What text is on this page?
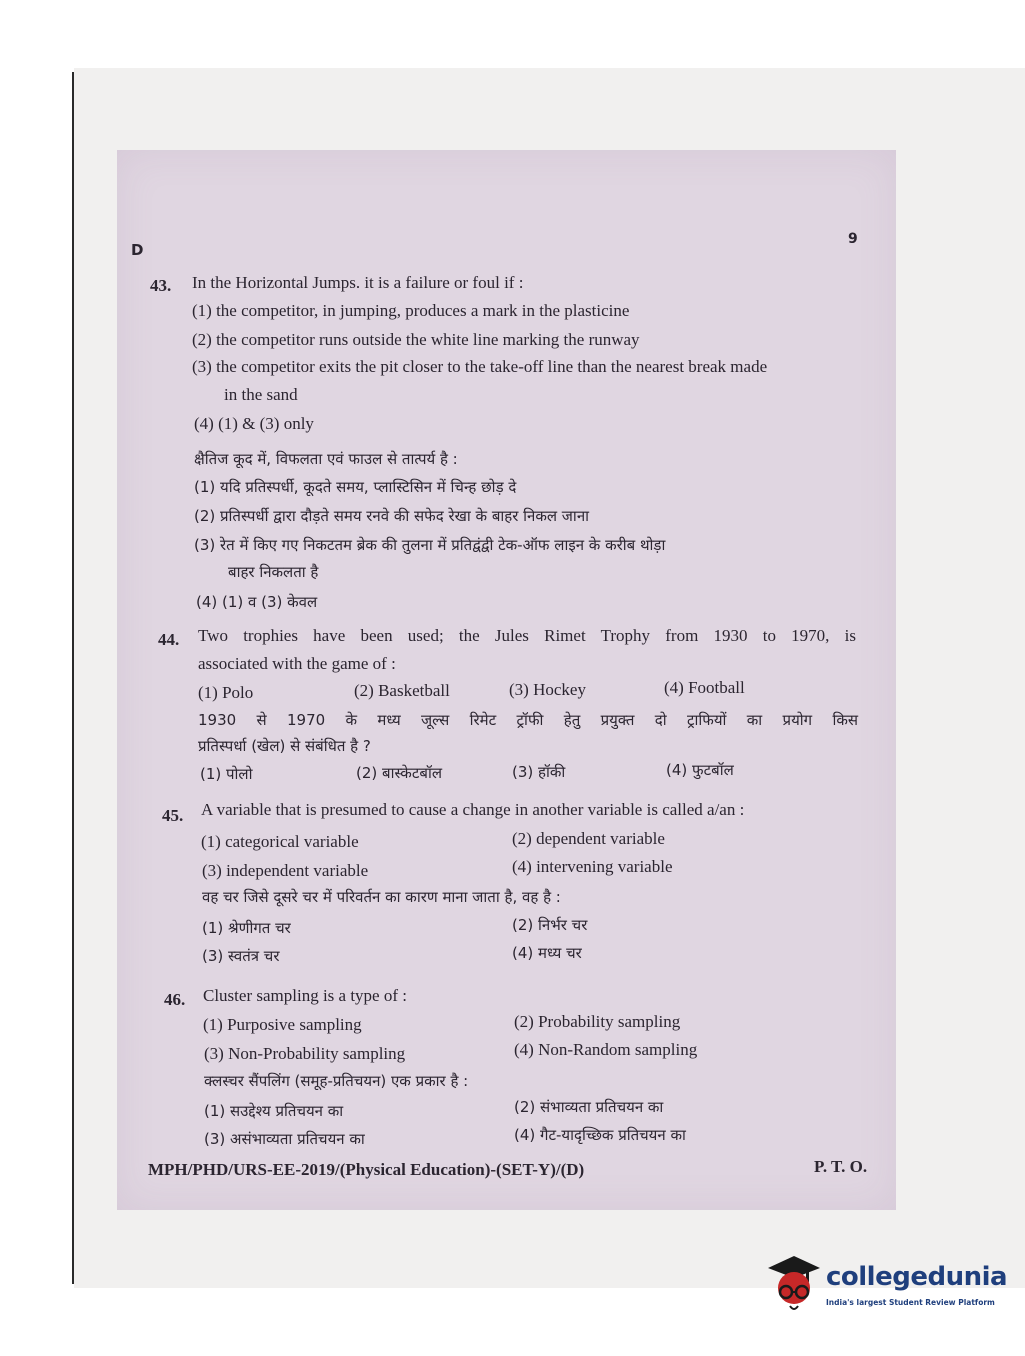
D
9
43. In the Horizontal Jumps. it is a failure or foul if :
(1) the competitor, in jumping, produces a mark in the plasticine
(2) the competitor runs outside the white line marking the runway
(3) the competitor exits the pit closer to the take-off line than the nearest break made
in the sand
(4) (1) & (3) only
क्षैतिज कूद में, विफलता एवं फाउल से तात्पर्य है :
(1) यदि प्रतिस्पर्धी, कूदते समय, प्लास्टिसिन में चिन्ह छोड़ दे
(2) प्रतिस्पर्धी द्वारा दौड़ते समय रनवे की सफेद रेखा के बाहर निकल जाना
(3) रेत में किए गए निकटतम ब्रेक की तुलना में प्रतिद्वंद्वी टेक-ऑफ लाइन के करीब थोड़ा
बाहर निकलता है
(4) (1) व (3) केवल
44. Two trophies have been used; the Jules Rimet Trophy from 1930 to 1970, is
associated with the game of :
(1) Polo	(2) Basketball	(3) Hockey	(4) Football
1930 से 1970 के मध्य जूल्स रिमेट ट्रॉफी हेतु प्रयुक्त दो ट्राफियों का प्रयोग किस
प्रतिस्पर्धा (खेल) से संबंधित है ?
(1) पोलो	(2) बास्केटबॉल	(3) हॉकी	(4) फुटबॉल
45. A variable that is presumed to cause a change in another variable is called a/an :
(1) categorical variable	(2) dependent variable
(3) independent variable	(4) intervening variable
वह चर जिसे दूसरे चर में परिवर्तन का कारण माना जाता है, वह है :
(1) श्रेणीगत चर	(2) निर्भर चर
(3) स्वतंत्र चर	(4) मध्य चर
46. Cluster sampling is a type of :
(1) Purposive sampling	(2) Probability sampling
(3) Non-Probability sampling	(4) Non-Random sampling
क्लस्चर सैंपलिंग (समूह-प्रतिचयन) एक प्रकार है :
(1) सउद्देश्य प्रतिचयन का	(2) संभाव्यता प्रतिचयन का
(3) असंभाव्यता प्रतिचयन का	(4) गैट-यादृच्छिक प्रतिचयन का
MPH/PHD/URS-EE-2019/(Physical Education)-(SET-Y)/(D)	P. T. O.
collegedunia
India's largest Student Review Platform
